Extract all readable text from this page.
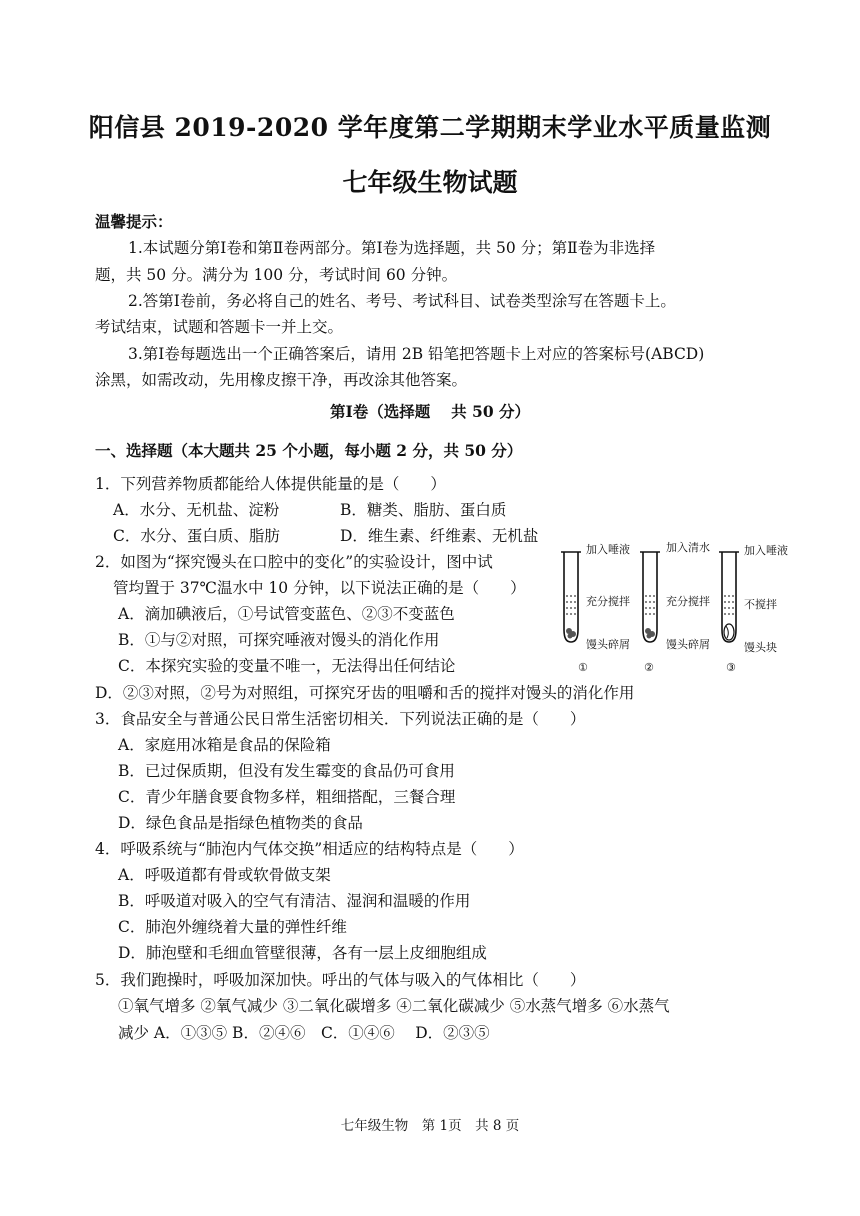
阳信县 2019-2020 学年度第二学期期末学业水平质量监测
七年级生物试题
温馨提示：
1.本试题分第Ⅰ卷和第Ⅱ卷两部分。第Ⅰ卷为选择题，共 50 分；第Ⅱ卷为非选择
题，共 50 分。满分为 100 分，考试时间 60 分钟。
2.答第Ⅰ卷前，务必将自己的姓名、考号、考试科目、试卷类型涂写在答题卡上。
考试结束，试题和答题卡一并上交。
3.第Ⅰ卷每题选出一个正确答案后，请用 2B 铅笔把答题卡上对应的答案标号(ABCD)
涂黑，如需改动，先用橡皮擦干净，再改涂其他答案。
第Ⅰ卷（选择题　 共 50 分）
一、选择题（本大题共 25 个小题，每小题 2 分，共 50 分）
1．下列营养物质都能给人体提供能量的是（　　）
A．水分、无机盐、淀粉	B．糖类、脂肪、蛋白质
C．水分、蛋白质、脂肪	D．维生素、纤维素、无机盐
2．如图为“探究馒头在口腔中的变化”的实验设计，图中试
管均置于 37℃温水中 10 分钟，以下说法正确的是（　　）
A．滴加碘液后，①号试管变蓝色、②③不变蓝色
B．①与②对照，可探究唾液对馒头的消化作用
C．本探究实验的变量不唯一，无法得出任何结论
D．②③对照，②号为对照组，可探究牙齿的咀嚼和舌的搅拌对馒头的消化作用
加入唾液
充分搅拌
馒头碎屑
①
加入清水
充分搅拌
馒头碎屑
②
加入唾液
不搅拌
馒头块
③
3．食品安全与普通公民日常生活密切相关．下列说法正确的是（　　）
A．家庭用冰箱是食品的保险箱
B．已过保质期，但没有发生霉变的食品仍可食用
C．青少年膳食要食物多样，粗细搭配，三餐合理
D．绿色食品是指绿色植物类的食品
4．呼吸系统与“肺泡内气体交换”相适应的结构特点是（　　）
A．呼吸道都有骨或软骨做支架
B．呼吸道对吸入的空气有清洁、湿润和温暖的作用
C．肺泡外缠绕着大量的弹性纤维
D．肺泡壁和毛细血管壁很薄，各有一层上皮细胞组成
5．我们跑操时，呼吸加深加快。呼出的气体与吸入的气体相比（　　）
①氧气增多 ②氧气减少 ③二氧化碳增多 ④二氧化碳减少 ⑤水蒸气增多 ⑥水蒸气
减少 A．①③⑤ B．②④⑥　C．①④⑥　 D．②③⑤
七年级生物　第 1页　共 8 页
